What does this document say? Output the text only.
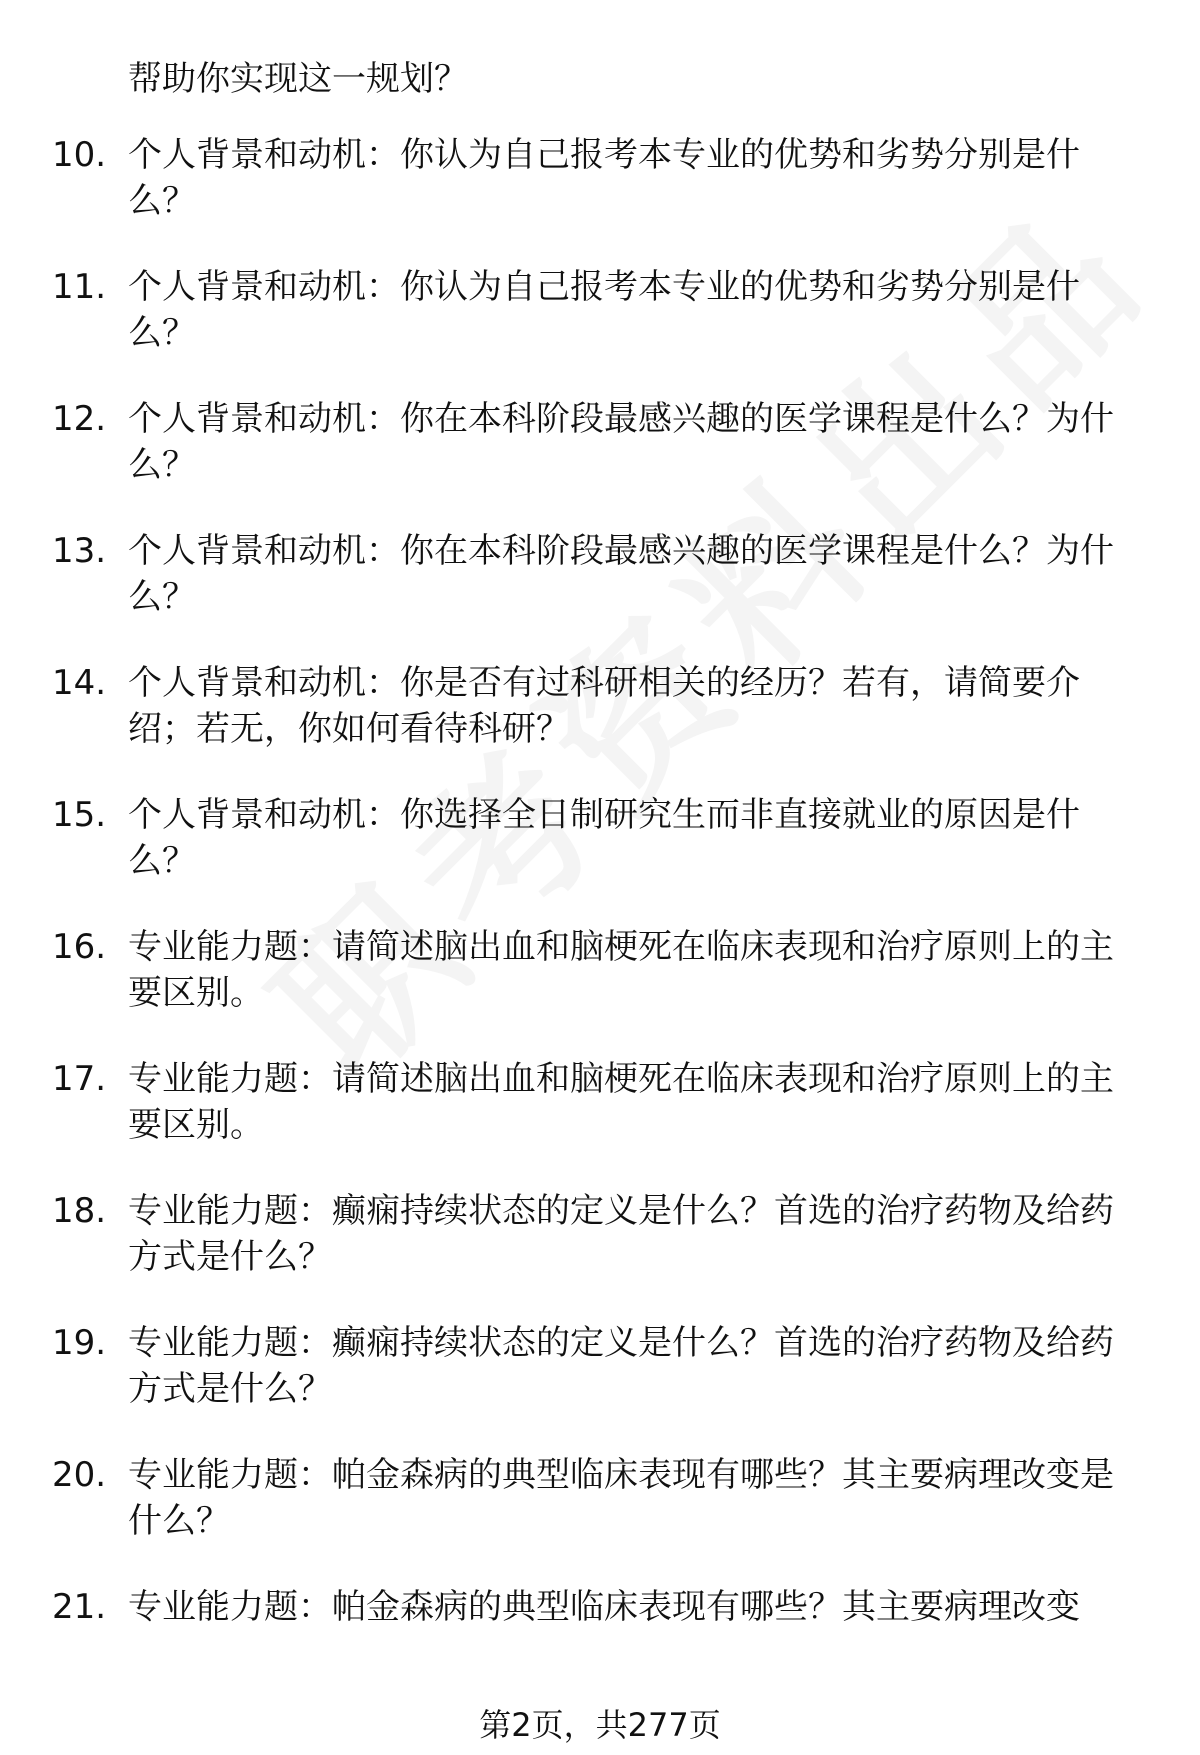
帮助你实现这一规划？

10. 个人背景和动机：你认为自己报考本专业的优势和劣势分别是什么？
11. 个人背景和动机：你认为自己报考本专业的优势和劣势分别是什么？
12. 个人背景和动机：你在本科阶段最感兴趣的医学课程是什么？为什么？
13. 个人背景和动机：你在本科阶段最感兴趣的医学课程是什么？为什么？
14. 个人背景和动机：你是否有过科研相关的经历？若有，请简要介绍；若无，你如何看待科研？
15. 个人背景和动机：你选择全日制研究生而非直接就业的原因是什么？
16. 专业能力题：请简述脑出血和脑梗死在临床表现和治疗原则上的主要区别。
17. 专业能力题：请简述脑出血和脑梗死在临床表现和治疗原则上的主要区别。
18. 专业能力题：癫痫持续状态的定义是什么？首选的治疗药物及给药方式是什么？
19. 专业能力题：癫痫持续状态的定义是什么？首选的治疗药物及给药方式是什么？
20. 专业能力题：帕金森病的典型临床表现有哪些？其主要病理改变是什么？
21. 专业能力题：帕金森病的典型临床表现有哪些？其主要病理改变
第2页，共277页
